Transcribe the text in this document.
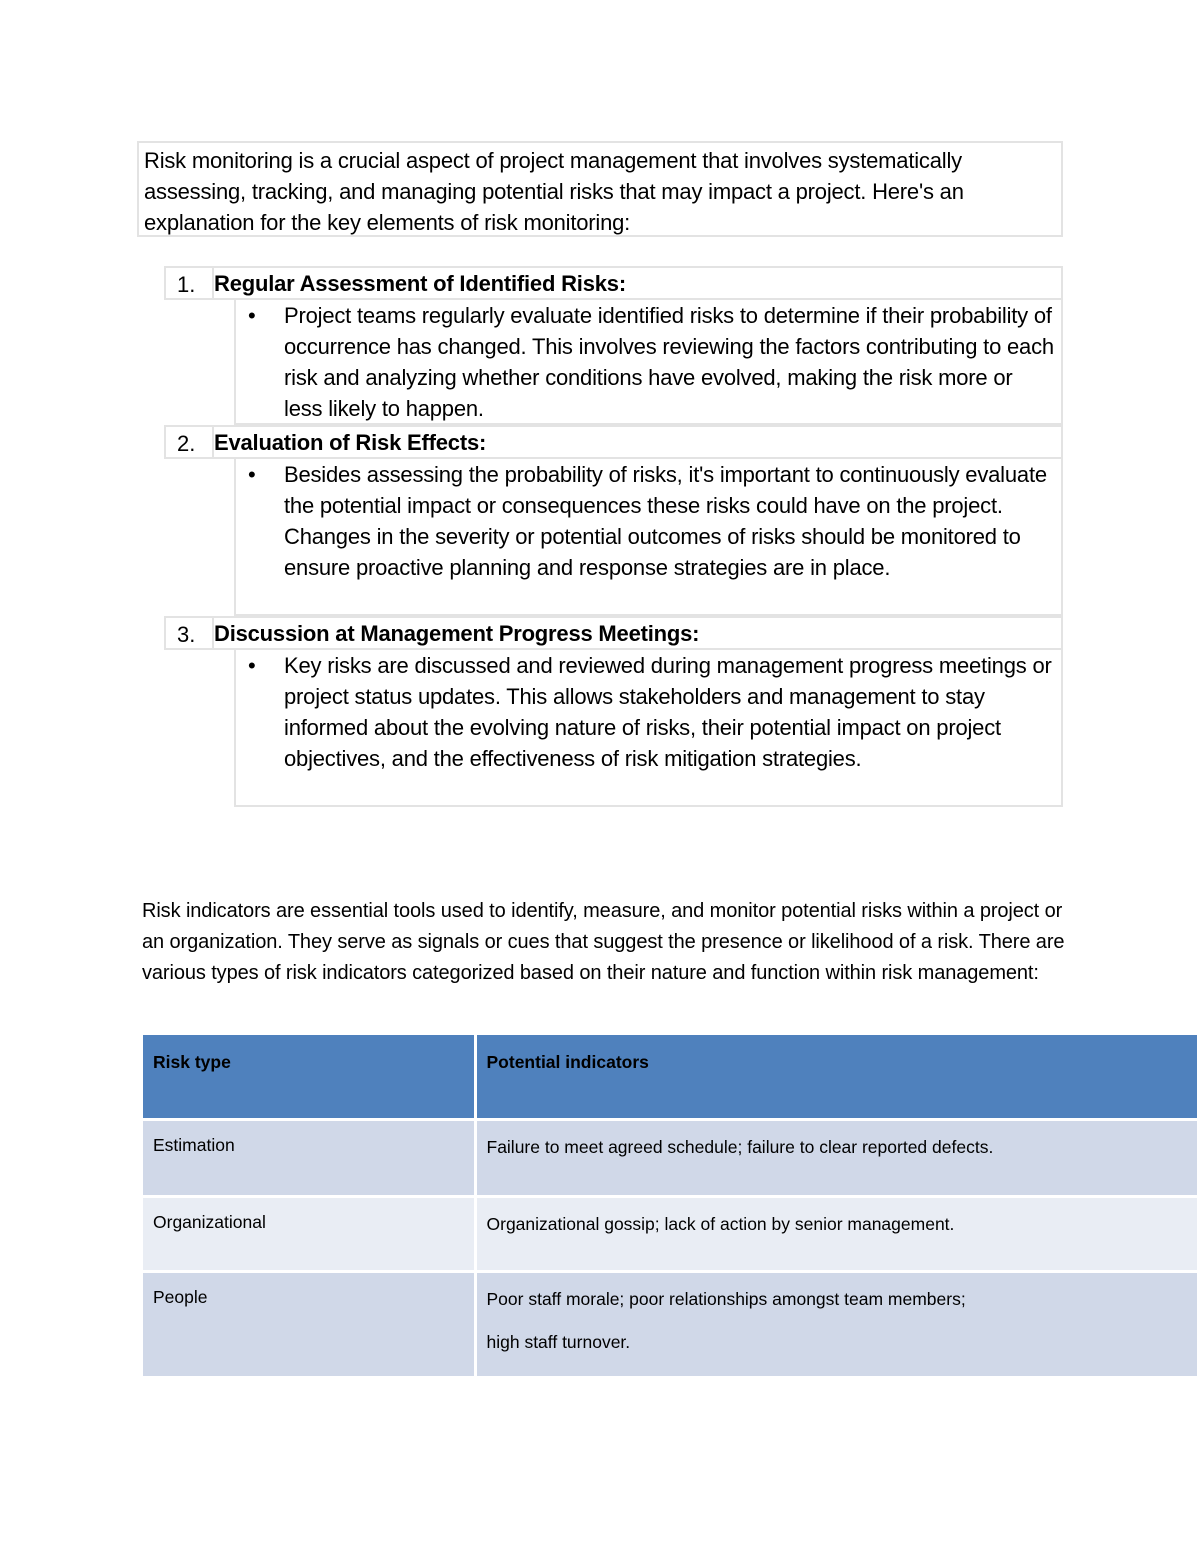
Risk monitoring is a crucial aspect of project management that involves systematically assessing, tracking, and managing potential risks that may impact a project. Here's an explanation for the key elements of risk monitoring:
1. Regular Assessment of Identified Risks:
• Project teams regularly evaluate identified risks to determine if their probability of occurrence has changed. This involves reviewing the factors contributing to each risk and analyzing whether conditions have evolved, making the risk more or less likely to happen.
2. Evaluation of Risk Effects:
• Besides assessing the probability of risks, it's important to continuously evaluate the potential impact or consequences these risks could have on the project. Changes in the severity or potential outcomes of risks should be monitored to ensure proactive planning and response strategies are in place.
3. Discussion at Management Progress Meetings:
• Key risks are discussed and reviewed during management progress meetings or project status updates. This allows stakeholders and management to stay informed about the evolving nature of risks, their potential impact on project objectives, and the effectiveness of risk mitigation strategies.
Risk indicators are essential tools used to identify, measure, and monitor potential risks within a project or an organization. They serve as signals or cues that suggest the presence or likelihood of a risk. There are various types of risk indicators categorized based on their nature and function within risk management:
Risk type	Potential indicators
Estimation	Failure to meet agreed schedule; failure to clear reported defects.

Organizational	Organizational gossip; lack of action by senior management.

People	Poor staff morale; poor relationships amongst team members;
high staff turnover.
